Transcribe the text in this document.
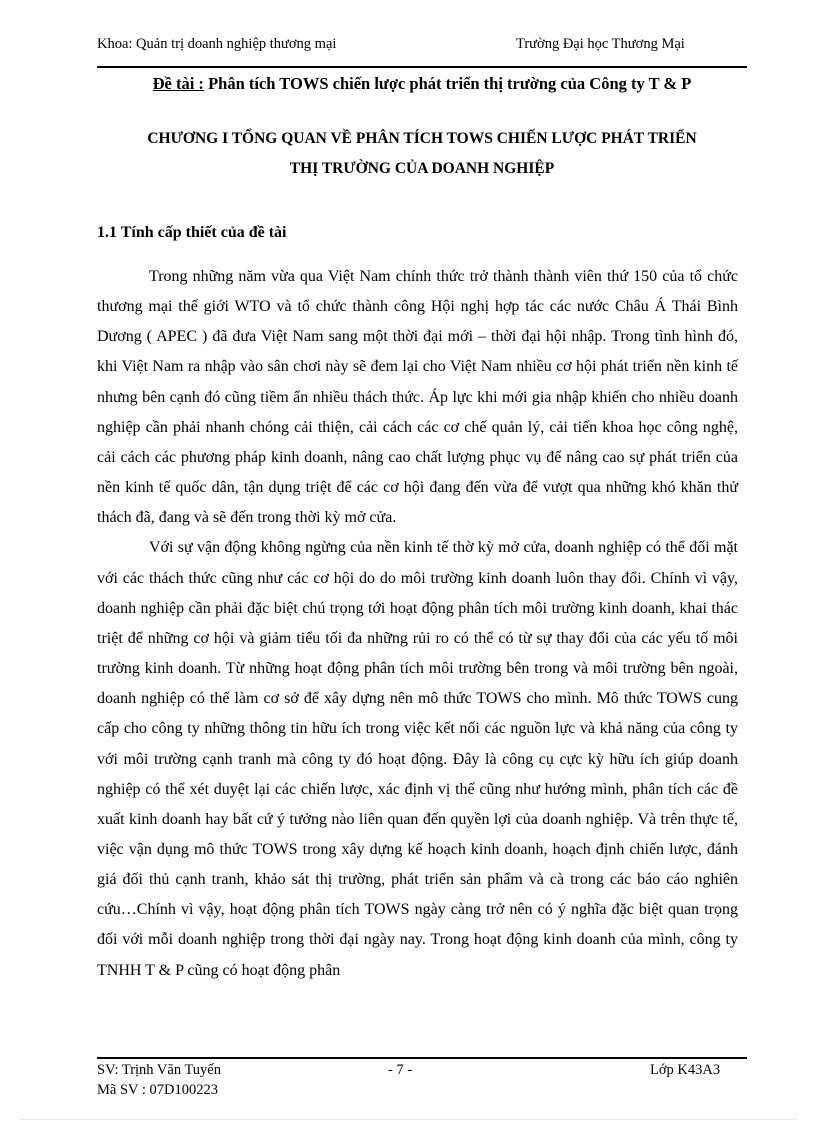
Khoa: Quản trị doanh nghiệp thương mại	Trường Đại học Thương Mại
Đề tài : Phân tích TOWS chiến lược phát triển thị trường của Công ty T & P
CHƯƠNG I TỔNG QUAN VỀ PHÂN TÍCH TOWS CHIẾN LƯỢC PHÁT TRIỂN
THỊ TRƯỜNG CỦA DOANH NGHIỆP
1.1 Tính cấp thiết của đề tài

Trong những năm vừa qua Việt Nam chính thức trở thành thành viên thứ 150 của tổ chức thương mại thế giới WTO và tổ chức thành công Hội nghị hợp tác các nước Châu Á Thái Bình Dương ( APEC ) đã đưa Việt Nam sang một thời đại mới – thời đại hội nhập. Trong tình hình đó, khi Việt Nam ra nhập vào sân chơi này sẽ đem lại cho Việt Nam nhiều cơ hội phát triển nền kinh tế nhưng bên cạnh đó cũng tiềm ẩn nhiều thách thức. Áp lực khi mới gia nhập khiến cho nhiều doanh nghiệp cần phải nhanh chóng cải thiện, cải cách các cơ chế quản lý, cải tiến khoa học công nghệ, cải cách các phương pháp kinh doanh, nâng cao chất lượng phục vụ để nâng cao sự phát triển của nền kinh tế quốc dân, tận dụng triệt để các cơ hội đang đến vừa để vượt qua những khó khăn thử thách đã, đang và sẽ đến trong thời kỳ mở cửa.

Với sự vận động không ngừng của nền kinh tế thờ kỳ mở cửa, doanh nghiệp có thể đối mặt với các thách thức cũng như các cơ hội do do môi trường kinh doanh luôn thay đổi. Chính vì vậy, doanh nghiệp cần phải đặc biệt chú trọng tới hoạt động phân tích môi trường kinh doanh, khai thác triệt để những cơ hội và giảm tiểu tối đa những rủi ro có thể có từ sự thay đổi của các yếu tố môi trường kinh doanh. Từ những hoạt động phân tích môi trường bên trong và môi trường bên ngoài, doanh nghiệp có thể làm cơ sở để xây dựng nên mô thức TOWS cho mình. Mô thức TOWS cung cấp cho công ty những thông tin hữu ích trong việc kết nối các nguồn lực và khả năng của công ty với môi trường cạnh tranh mà công ty đó hoạt động. Đây là công cụ cực kỳ hữu ích giúp doanh nghiệp có thể xét duyệt lại các chiến lược, xác định vị thế cũng như hướng mình, phân tích các đề xuất kinh doanh hay bất cứ ý tưởng nào liên quan đến quyền lợi của doanh nghiệp. Và trên thực tế, việc vận dụng mô thức TOWS trong xây dựng kế hoạch kinh doanh, hoạch định chiến lược, đánh giá đối thủ cạnh tranh, khảo sát thị trường, phát triển sản phẩm và cà trong các báo cáo nghiên cứu…Chính vì vậy, hoạt động phân tích TOWS ngày càng trở nên có ý nghĩa đặc biệt quan trọng đối với mỗi doanh nghiệp trong thời đại ngày nay. Trong hoạt động kinh doanh của mình, công ty TNHH T & P cũng có hoạt động phân

SV: Trịnh Văn Tuyến	- 7 -	Lớp K43A3
Mã SV : 07D100223
